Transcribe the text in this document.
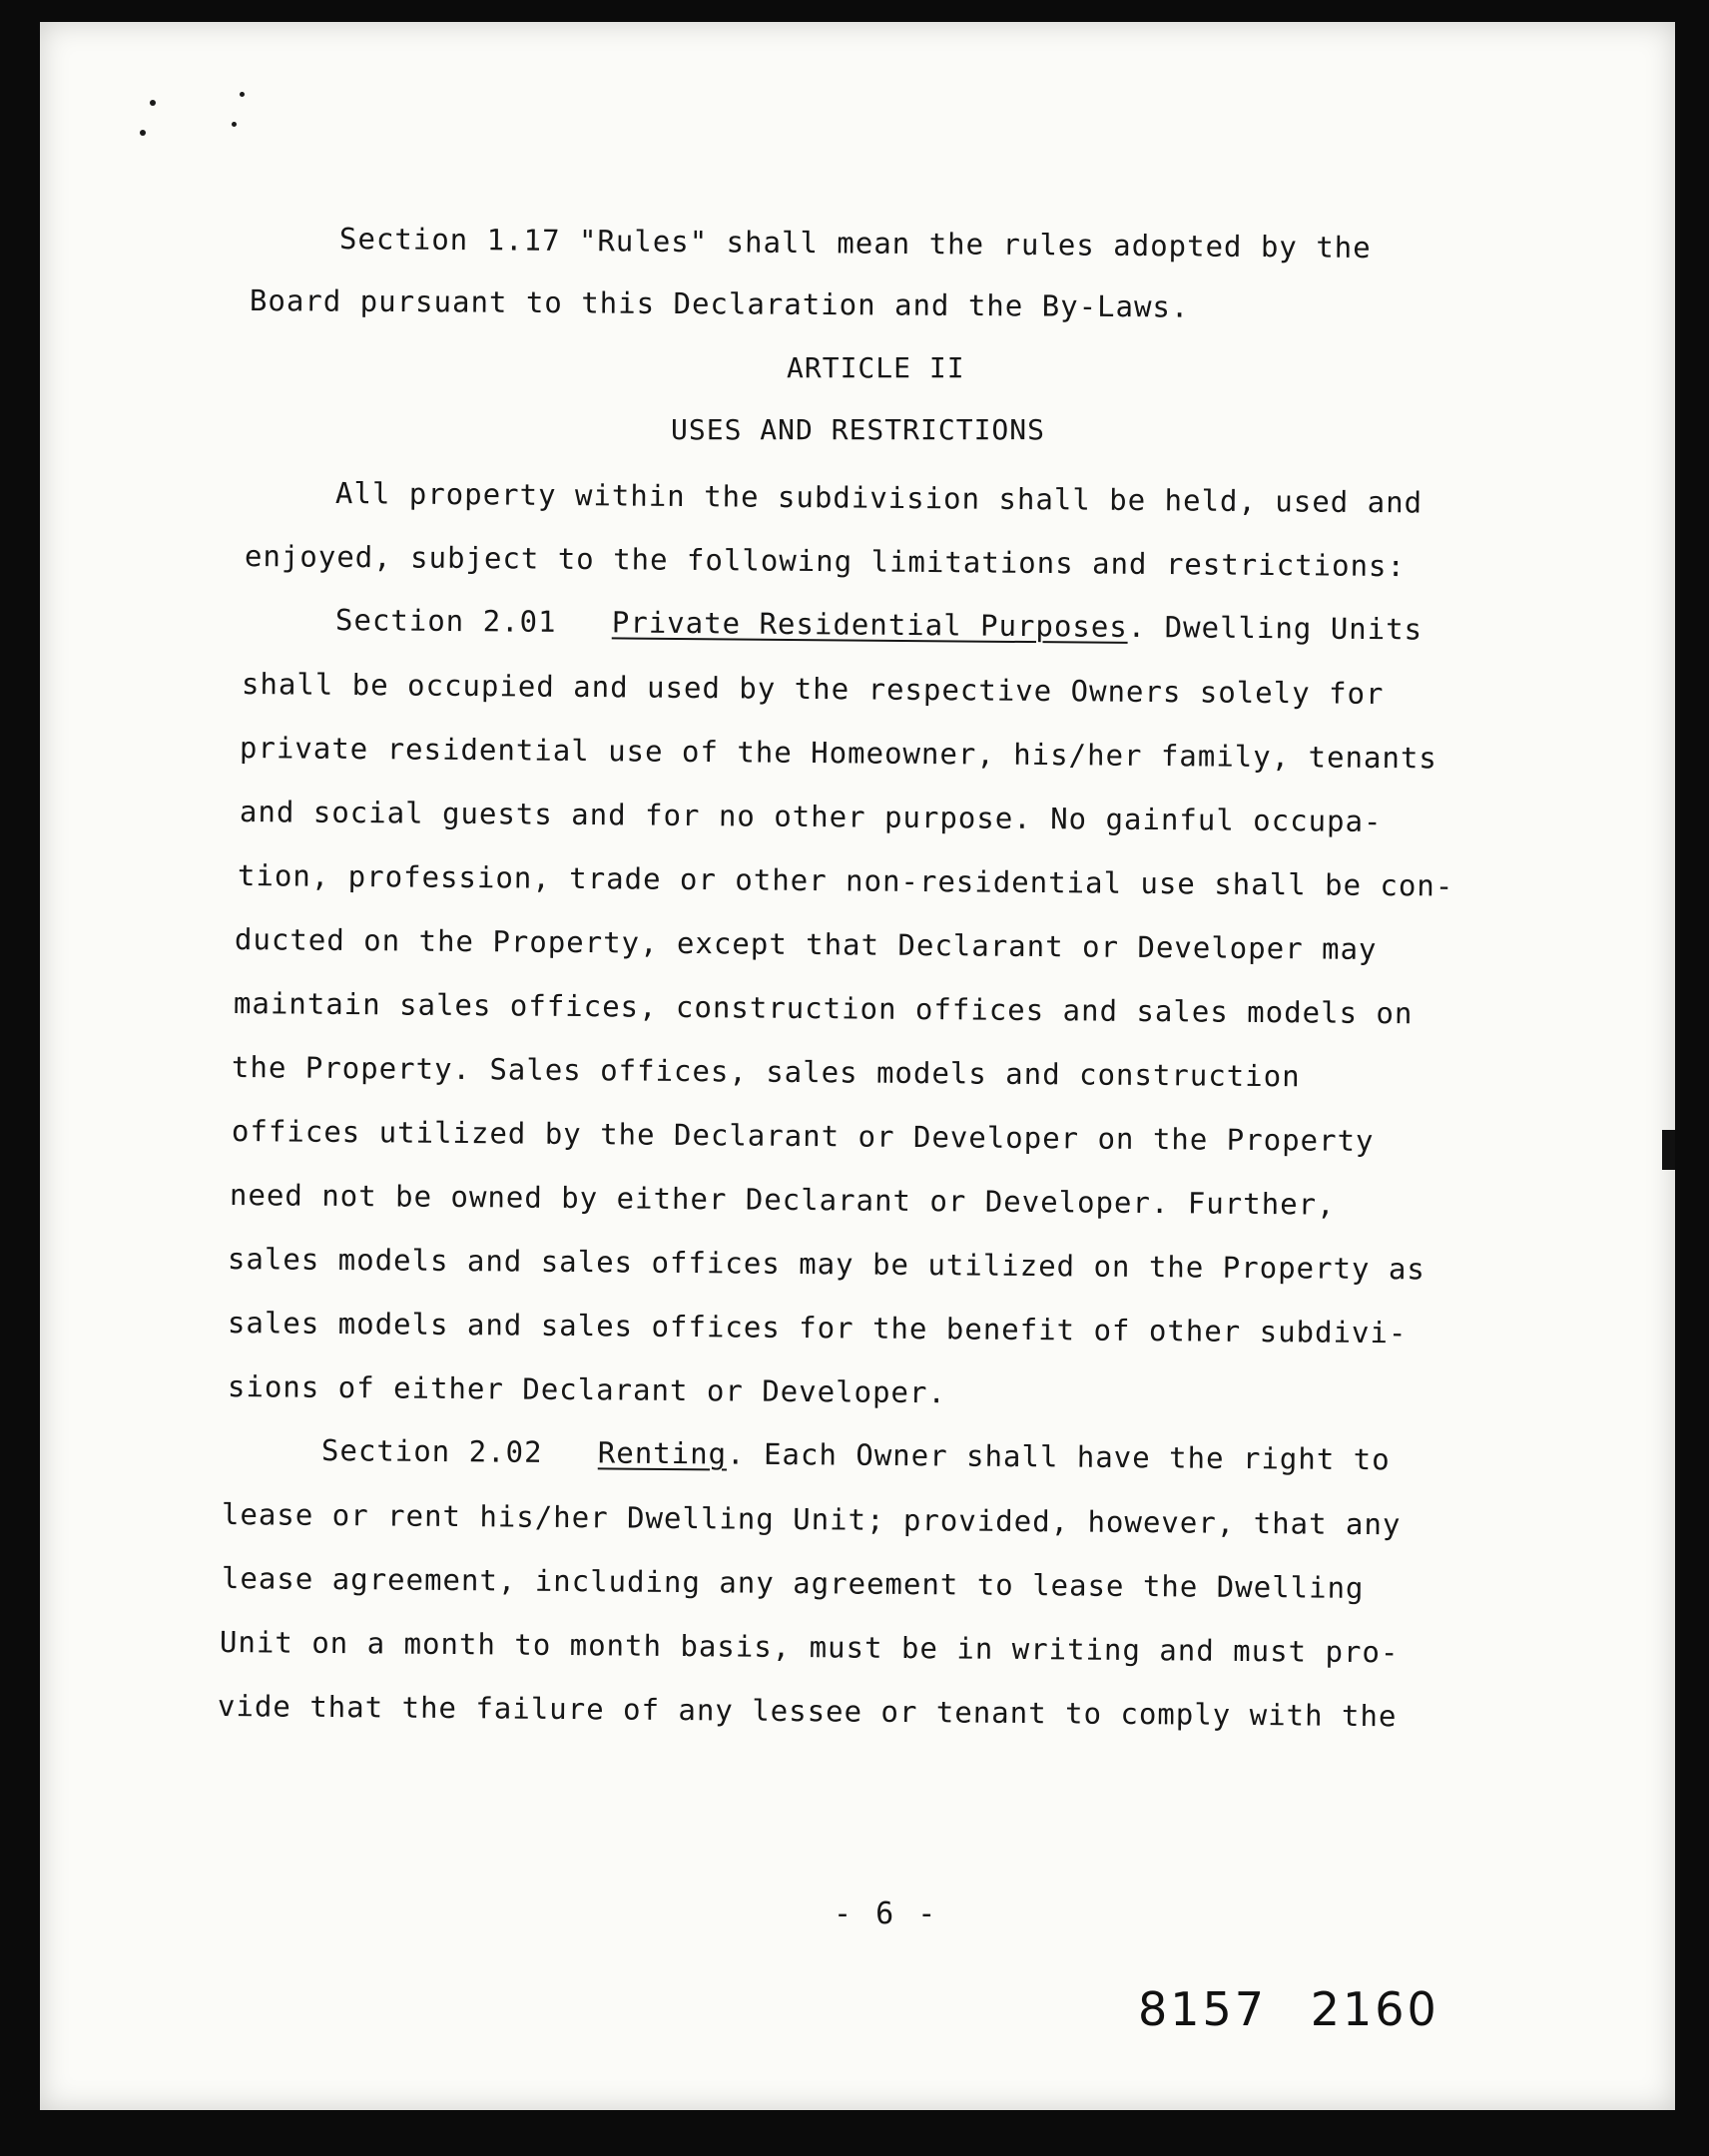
Section 1.17 "Rules" shall mean the rules adopted by the
Board pursuant to this Declaration and the By-Laws.
ARTICLE II
USES AND RESTRICTIONS
All property within the subdivision shall be held, used and
enjoyed, subject to the following limitations and restrictions:
Section 2.01 Private Residential Purposes. Dwelling Units
shall be occupied and used by the respective Owners solely for
private residential use of the Homeowner, his/her family, tenants
and social guests and for no other purpose. No gainful occupa-
tion, profession, trade or other non-residential use shall be con-
ducted on the Property, except that Declarant or Developer may
maintain sales offices, construction offices and sales models on
the Property. Sales offices, sales models and construction
offices utilized by the Declarant or Developer on the Property
need not be owned by either Declarant or Developer. Further,
sales models and sales offices may be utilized on the Property as
sales models and sales offices for the benefit of other subdivi-
sions of either Declarant or Developer.
Section 2.02 Renting. Each Owner shall have the right to
lease or rent his/her Dwelling Unit; provided, however, that any
lease agreement, including any agreement to lease the Dwelling
Unit on a month to month basis, must be in writing and must pro-
vide that the failure of any lessee or tenant to comply with the
- 6 -
8157 2160
